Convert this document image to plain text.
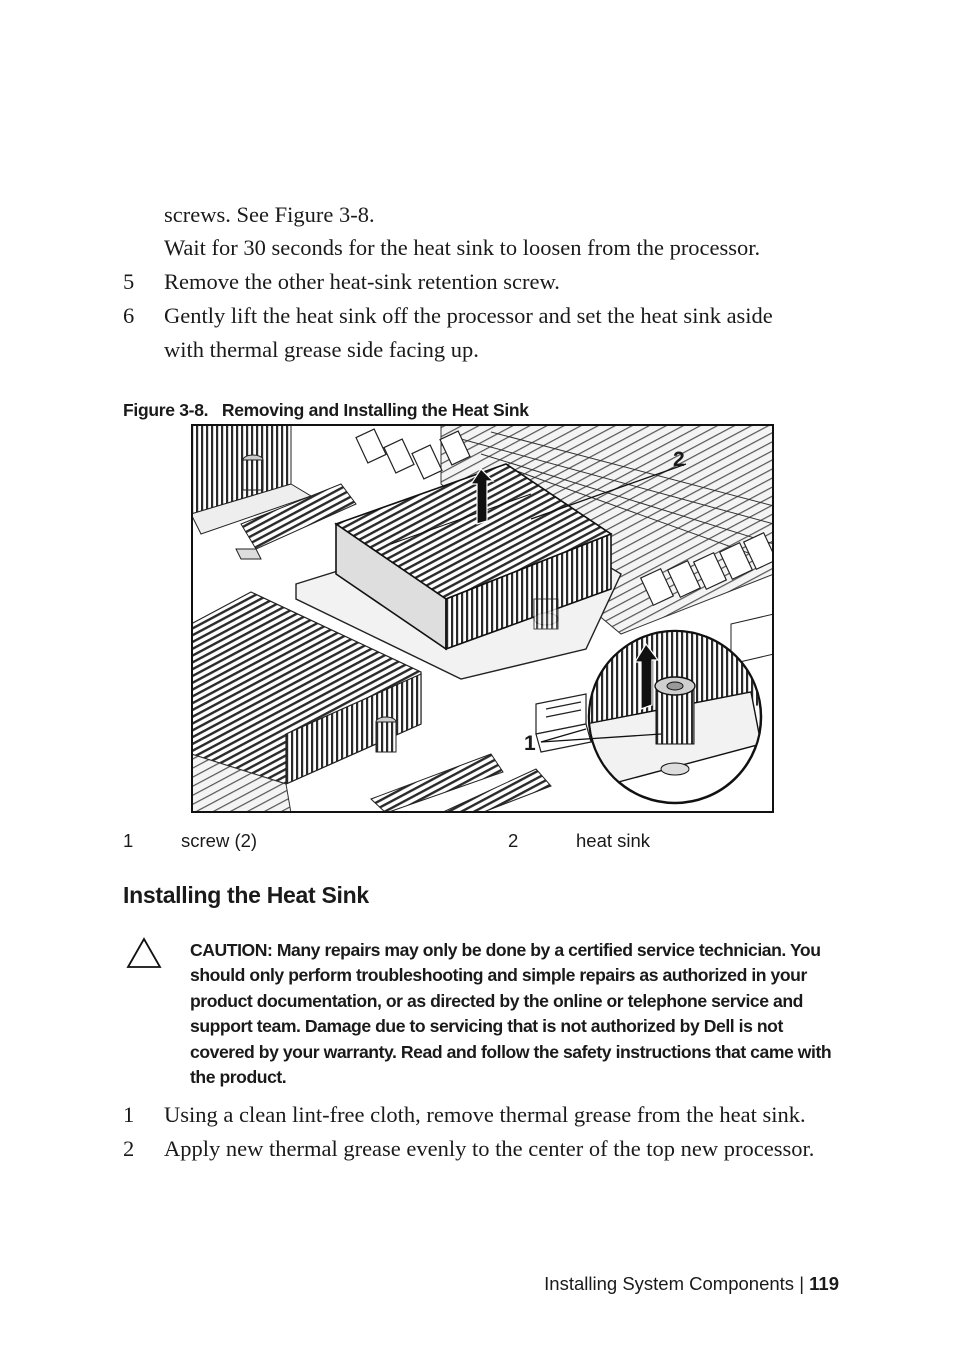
screws. See Figure 3-8.
Wait for 30 seconds for the heat sink to loosen from the processor.
5 Remove the other heat-sink retention screw.
6 Gently lift the heat sink off the processor and set the heat sink aside
with thermal grease side facing up.
Figure 3-8.   Removing and Installing the Heat Sink
2
1
1	screw (2)	2	heat sink
Installing the Heat Sink
CAUTION: Many repairs may only be done by a certified service technician. You
should only perform troubleshooting and simple repairs as authorized in your
product documentation, or as directed by the online or telephone service and
support team. Damage due to servicing that is not authorized by Dell is not
covered by your warranty. Read and follow the safety instructions that came with
the product.
1 Using a clean lint-free cloth, remove thermal grease from the heat sink.
2 Apply new thermal grease evenly to the center of the top new processor.
Installing System Components | 119
